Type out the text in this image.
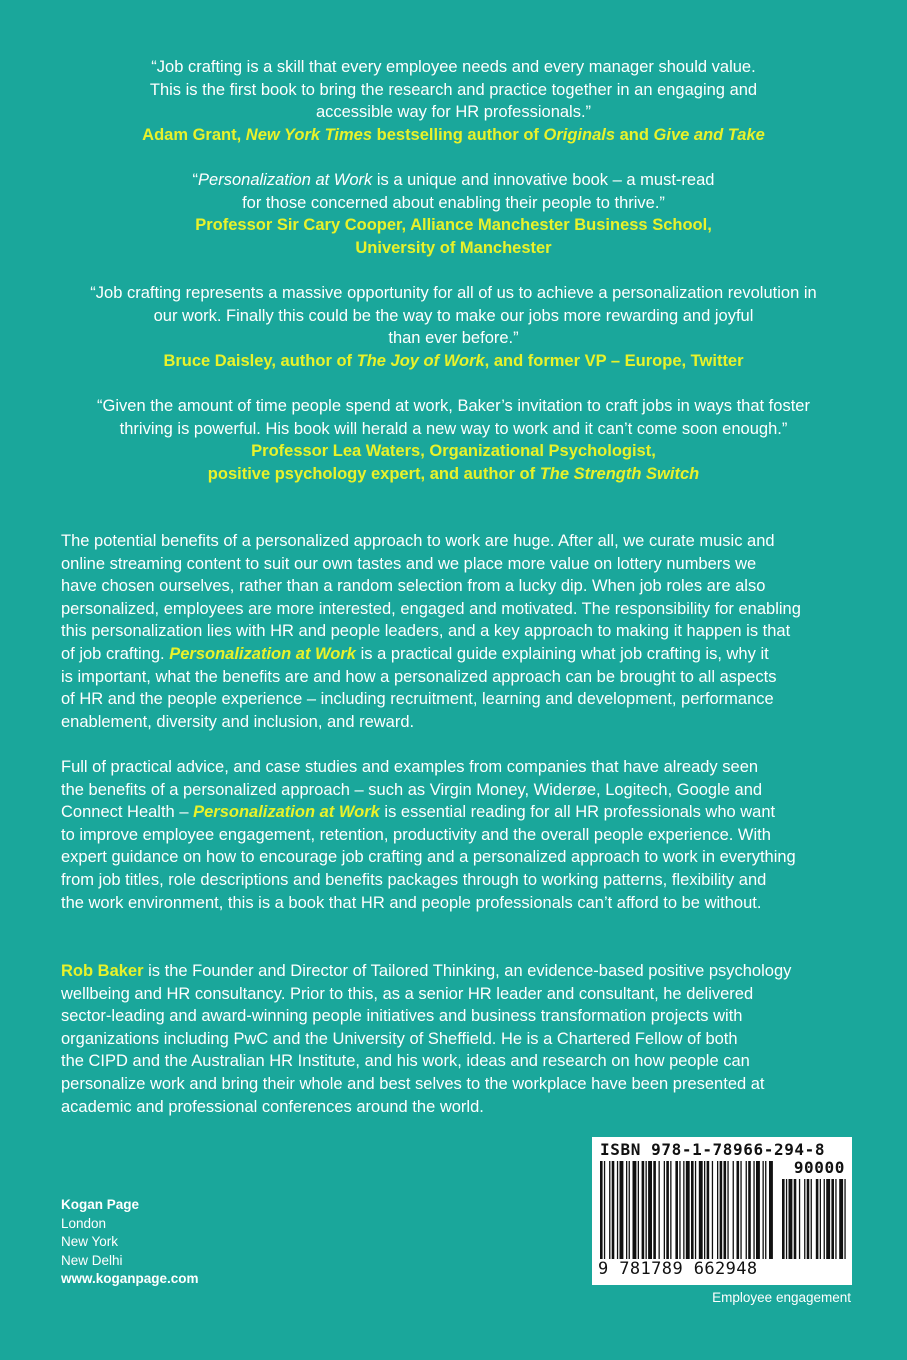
“Job crafting is a skill that every employee needs and every manager should value.

This is the first book to bring the research and practice together in an engaging and

accessible way for HR professionals.”

Adam Grant, New York Times bestselling author of Originals and Give and Take

“Personalization at Work is a unique and innovative book – a must-read

for those concerned about enabling their people to thrive.”

Professor Sir Cary Cooper, Alliance Manchester Business School,

University of Manchester

“Job crafting represents a massive opportunity for all of us to achieve a personalization revolution in

our work. Finally this could be the way to make our jobs more rewarding and joyful

than ever before.”

Bruce Daisley, author of The Joy of Work, and former VP – Europe, Twitter

“Given the amount of time people spend at work, Baker’s invitation to craft jobs in ways that foster

thriving is powerful. His book will herald a new way to work and it can’t come soon enough.”

Professor Lea Waters, Organizational Psychologist,

positive psychology expert, and author of The Strength Switch

The potential benefits of a personalized approach to work are huge. After all, we curate music and

online streaming content to suit our own tastes and we place more value on lottery numbers we

have chosen ourselves, rather than a random selection from a lucky dip. When job roles are also

personalized, employees are more interested, engaged and motivated. The responsibility for enabling

this personalization lies with HR and people leaders, and a key approach to making it happen is that

of job crafting. Personalization at Work is a practical guide explaining what job crafting is, why it

is important, what the benefits are and how a personalized approach can be brought to all aspects

of HR and the people experience – including recruitment, learning and development, performance

enablement, diversity and inclusion, and reward.

Full of practical advice, and case studies and examples from companies that have already seen

the benefits of a personalized approach – such as Virgin Money, Widerøe, Logitech, Google and

Connect Health – Personalization at Work is essential reading for all HR professionals who want

to improve employee engagement, retention, productivity and the overall people experience. With

expert guidance on how to encourage job crafting and a personalized approach to work in everything

from job titles, role descriptions and benefits packages through to working patterns, flexibility and

the work environment, this is a book that HR and people professionals can’t afford to be without.

Rob Baker is the Founder and Director of Tailored Thinking, an evidence-based positive psychology

wellbeing and HR consultancy. Prior to this, as a senior HR leader and consultant, he delivered

sector-leading and award-winning people initiatives and business transformation projects with

organizations including PwC and the University of Sheffield. He is a Chartered Fellow of both

the CIPD and the Australian HR Institute, and his work, ideas and research on how people can

personalize work and bring their whole and best selves to the workplace have been presented at

academic and professional conferences around the world.

Kogan Page
London
New York
New Delhi
www.koganpage.com
ISBN 978-1-78966-294-8
90000
9 781789 662948
Employee engagement
